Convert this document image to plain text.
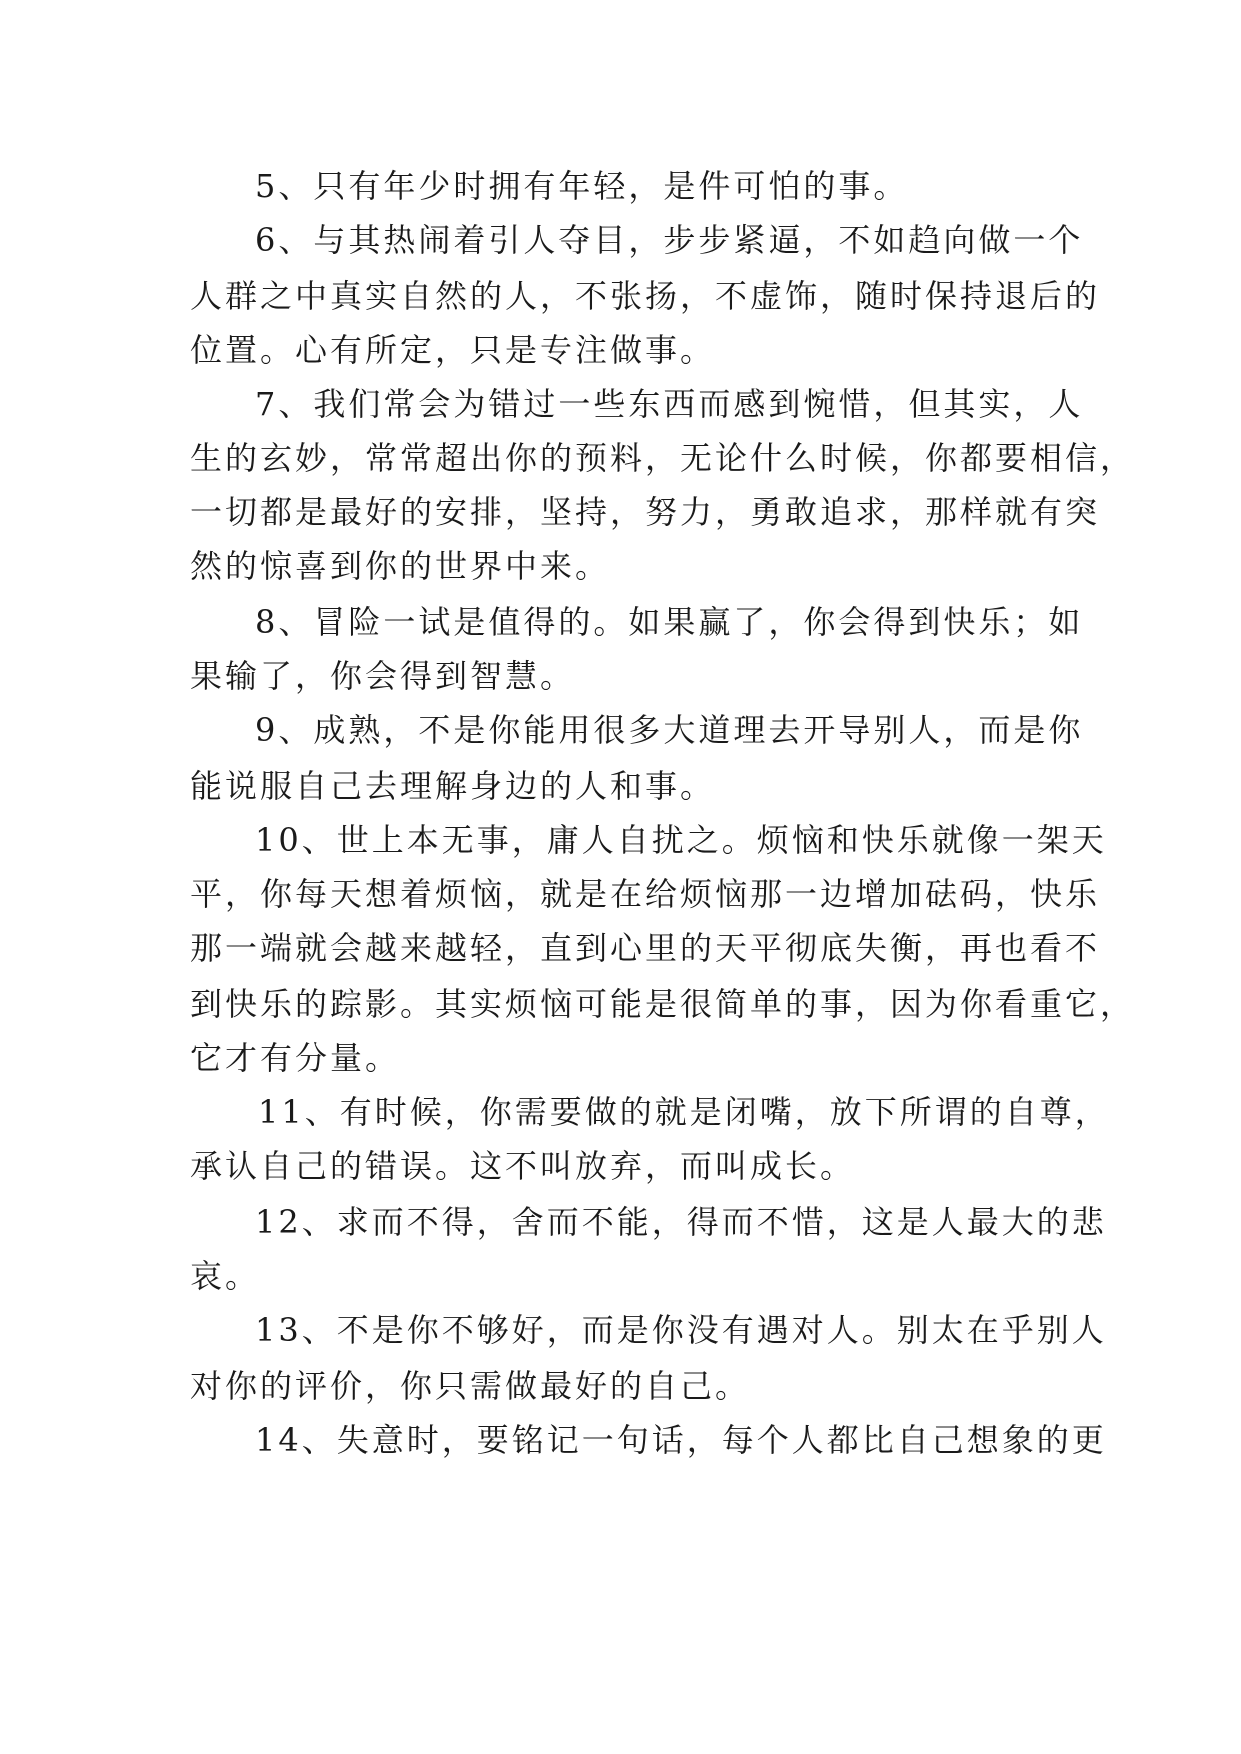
5、只有年少时拥有年轻，是件可怕的事。

6、与其热闹着引人夺目，步步紧逼，不如趋向做一个

人群之中真实自然的人，不张扬，不虚饰，随时保持退后的

位置。心有所定，只是专注做事。

7、我们常会为错过一些东西而感到惋惜，但其实，人

生的玄妙，常常超出你的预料，无论什么时候，你都要相信，

一切都是最好的安排，坚持，努力，勇敢追求，那样就有突

然的惊喜到你的世界中来。

8、冒险一试是值得的。如果赢了，你会得到快乐；如

果输了，你会得到智慧。

9、成熟，不是你能用很多大道理去开导别人，而是你

能说服自己去理解身边的人和事。

10、世上本无事，庸人自扰之。烦恼和快乐就像一架天

平，你每天想着烦恼，就是在给烦恼那一边增加砝码，快乐

那一端就会越来越轻，直到心里的天平彻底失衡，再也看不

到快乐的踪影。其实烦恼可能是很简单的事，因为你看重它，

它才有分量。

11、有时候，你需要做的就是闭嘴，放下所谓的自尊，

承认自己的错误。这不叫放弃，而叫成长。

12、求而不得，舍而不能，得而不惜，这是人最大的悲

哀。

13、不是你不够好，而是你没有遇对人。别太在乎别人

对你的评价，你只需做最好的自己。

14、失意时，要铭记一句话，每个人都比自己想象的更
